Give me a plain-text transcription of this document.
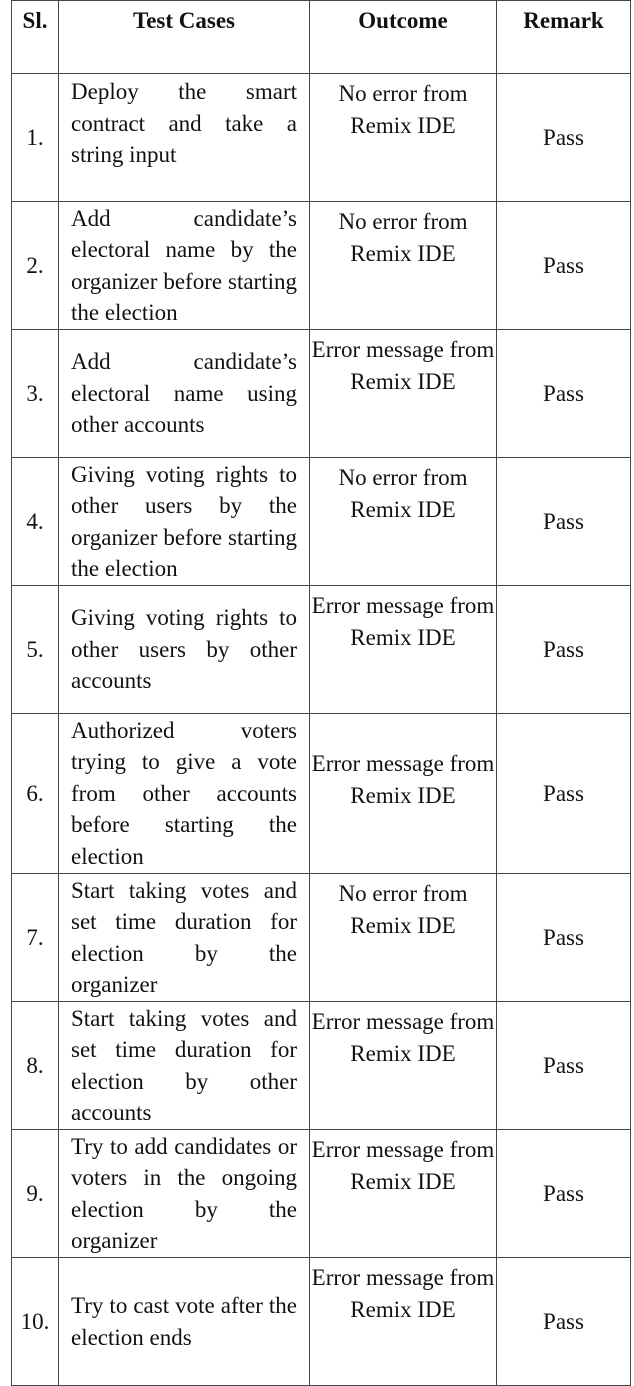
Sl.	Test Cases	Outcome	Remark
1.	Deploy the smart contract and take a string input	No error from Remix IDE	Pass
2.	Add candidate’s electoral name by the organizer before starting the election	No error from Remix IDE	Pass
3.	Add candidate’s electoral name using other accounts	Error message from Remix IDE	Pass
4.	Giving voting rights to other users by the organizer before starting the election	No error from Remix IDE	Pass
5.	Giving voting rights to other users by other accounts	Error message from Remix IDE	Pass
6.	Authorized voters trying to give a vote from other accounts before starting the election	Error message from Remix IDE	Pass
7.	Start taking votes and set time duration for election by the organizer	No error from Remix IDE	Pass
8.	Start taking votes and set time duration for election by other accounts	Error message from Remix IDE	Pass
9.	Try to add candidates or voters in the ongoing election by the organizer	Error message from Remix IDE	Pass
10.	Try to cast vote after the election ends	Error message from Remix IDE	Pass
